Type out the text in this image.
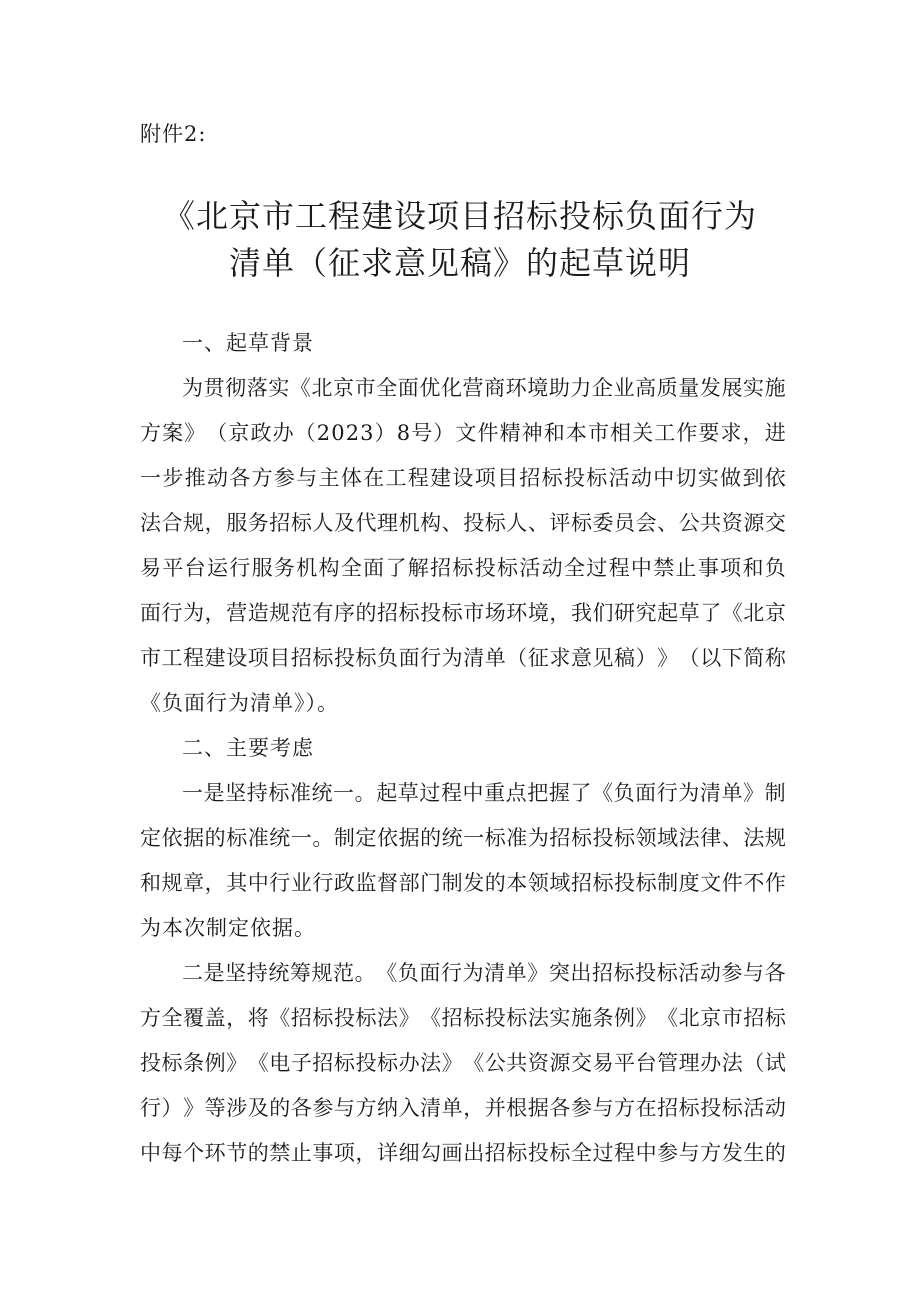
附件2:
《北京市工程建设项目招标投标负面行为
清单（征求意见稿》的起草说明
一、起草背景
为 贯 彻 落 实 《 北 京 市 全 面 优 化 营 商 环 境 助 力 企 业 高 质 量 发 展 实 施
方 案 》 （ 京 政 办 （ 2 0 2 3 ） 8 号 ） 文 件 精 神 和 本 市 相 关 工 作 要 求 ， 进
一 步 推 动 各 方 参 与 主 体 在 工 程 建 设 项 目 招 标 投 标 活 动 中 切 实 做 到 依
法 合 规 ， 服 务 招 标 人 及 代 理 机 构 、 投 标 人 、 评 标 委 员 会 、 公 共 资 源 交
易 平 台 运 行 服 务 机 构 全 面 了 解 招 标 投 标 活 动 全 过 程 中 禁 止 事 项 和 负
面 行 为 ， 营 造 规 范 有 序 的 招 标 投 标 市 场 环 境 ， 我 们 研 究 起 草 了 《 北 京
市 工 程 建 设 项 目 招 标 投 标 负 面 行 为 清 单 （ 征 求 意 见 稿 ） 》 （ 以 下 简 称
《负面行为清单》）。
二、主要考虑
一 是 坚 持 标 准 统 一 。 起 草 过 程 中 重 点 把 握 了 《 负 面 行 为 清 单 》 制
定 依 据 的 标 准 统 一 。 制 定 依 据 的 统 一 标 准 为 招 标 投 标 领 域 法 律 、 法 规
和 规 章 ， 其 中 行 业 行 政 监 督 部 门 制 发 的 本 领 域 招 标 投 标 制 度 文 件 不 作
为本次制定依据。
二 是 坚 持 统 筹 规 范 。 《 负 面 行 为 清 单 》 突 出 招 标 投 标 活 动 参 与 各
方 全 覆 盖 ， 将 《 招 标 投 标 法 》 《 招 标 投 标 法 实 施 条 例 》 《 北 京 市 招 标
投 标 条 例 》 《 电 子 招 标 投 标 办 法 》 《 公 共 资 源 交 易 平 台 管 理 办 法 （ 试
行 ） 》 等 涉 及 的 各 参 与 方 纳 入 清 单 ， 并 根 据 各 参 与 方 在 招 标 投 标 活 动
中 每 个 环 节 的 禁 止 事 项 ， 详 细 勾 画 出 招 标 投 标 全 过 程 中 参 与 方 发 生 的
